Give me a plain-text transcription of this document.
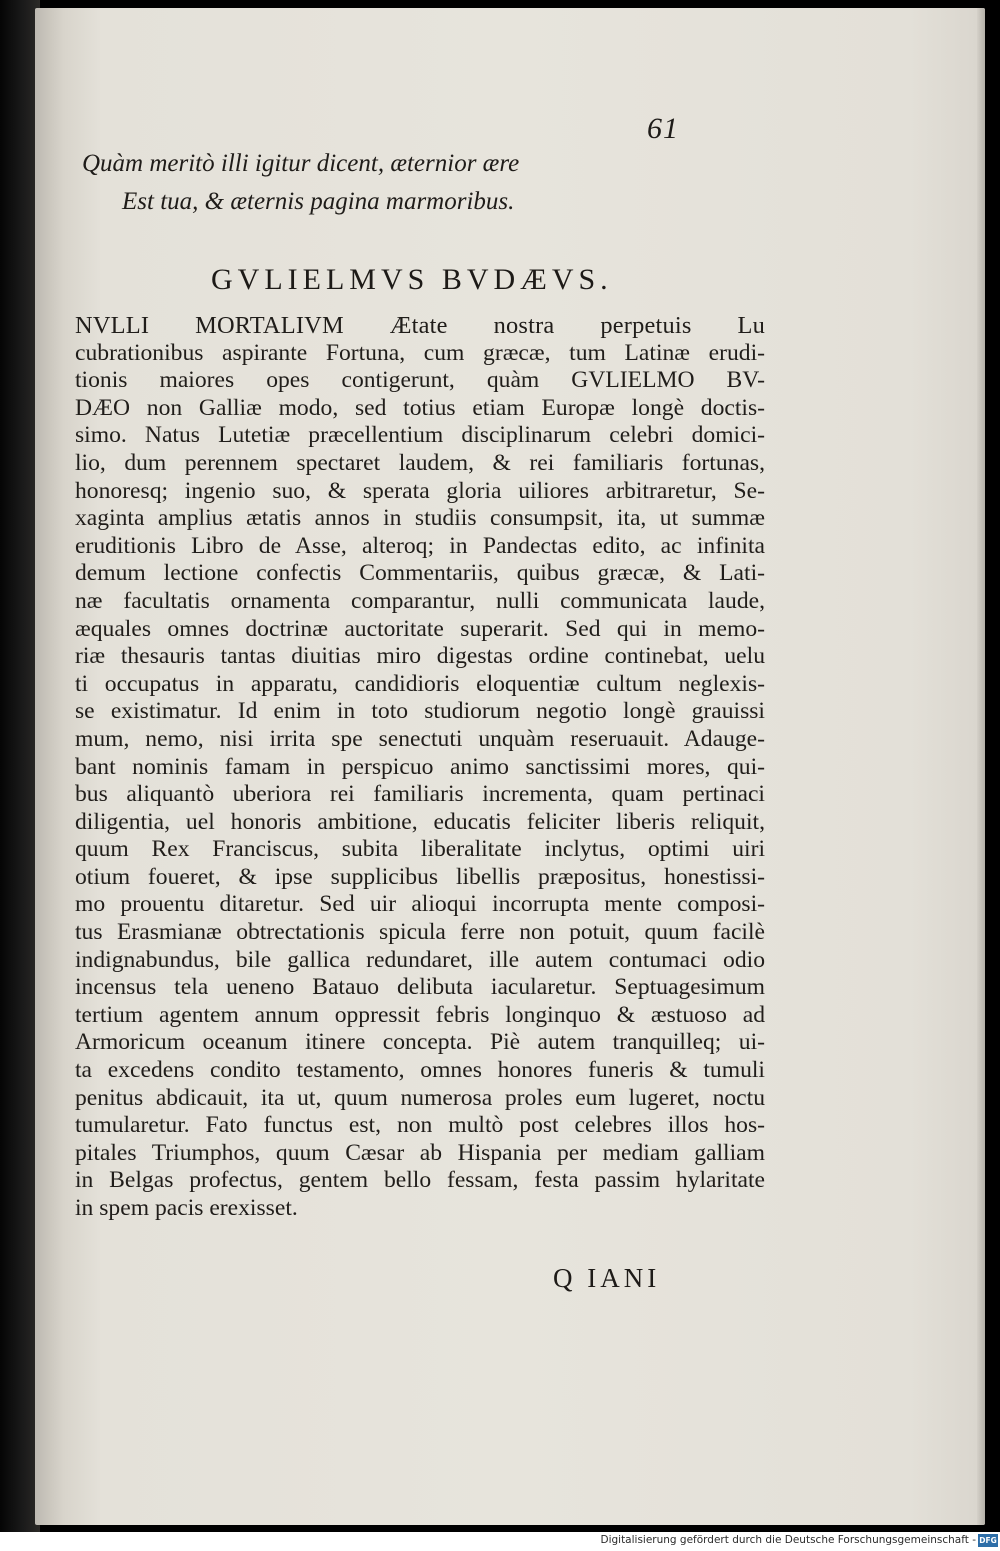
61
Quàm meritò illi igitur dicent, æternior ære
Est tua, & æternis pagina marmoribus.
GVLIELMVS BVDÆVS.
NVLLI MORTALIVM Ætate nostra perpetuis Lu
cubrationibus aspirante Fortuna, cum græcæ, tum Latinæ erudi-
tionis maiores opes contigerunt, quàm GVLIELMO BV-
DÆO non Galliæ modo, sed totius etiam Europæ longè doctis-
simo. Natus Lutetiæ præcellentium disciplinarum celebri domici-
lio, dum perennem spectaret laudem, & rei familiaris fortunas,
honoresq; ingenio suo, & sperata gloria uiliores arbitraretur, Se-
xaginta amplius ætatis annos in studiis consumpsit, ita, ut summæ
eruditionis Libro de Asse, alteroq; in Pandectas edito, ac infinita
demum lectione confectis Commentariis, quibus græcæ, & Lati-
næ facultatis ornamenta comparantur, nulli communicata laude,
æquales omnes doctrinæ auctoritate superarit. Sed qui in memo-
riæ thesauris tantas diuitias miro digestas ordine continebat, uelu
ti occupatus in apparatu, candidioris eloquentiæ cultum neglexis-
se existimatur. Id enim in toto studiorum negotio longè grauissi
mum, nemo, nisi irrita spe senectuti unquàm reseruauit. Adauge-
bant nominis famam in perspicuo animo sanctissimi mores, qui-
bus aliquantò uberiora rei familiaris incrementa, quam pertinaci
diligentia, uel honoris ambitione, educatis feliciter liberis reliquit,
quum Rex Franciscus, subita liberalitate inclytus, optimi uiri
otium foueret, & ipse supplicibus libellis præpositus, honestissi-
mo prouentu ditaretur. Sed uir alioqui incorrupta mente composi-
tus Erasmianæ obtrectationis spicula ferre non potuit, quum facilè
indignabundus, bile gallica redundaret, ille autem contumaci odio
incensus tela ueneno Batauo delibuta iacularetur. Septuagesimum
tertium agentem annum oppressit febris longinquo & æstuoso ad
Armoricum oceanum itinere concepta. Piè autem tranquilleq; ui-
ta excedens condito testamento, omnes honores funeris & tumuli
penitus abdicauit, ita ut, quum numerosa proles eum lugeret, noctu
tumularetur. Fato functus est, non multò post celebres illos hos-
pitales Triumphos, quum Cæsar ab Hispania per mediam galliam
in Belgas profectus, gentem bello fessam, festa passim hylaritate
in spem pacis erexisset.
Q IANI
Digitalisierung gefördert durch die Deutsche Forschungsgemeinschaft - DFG
